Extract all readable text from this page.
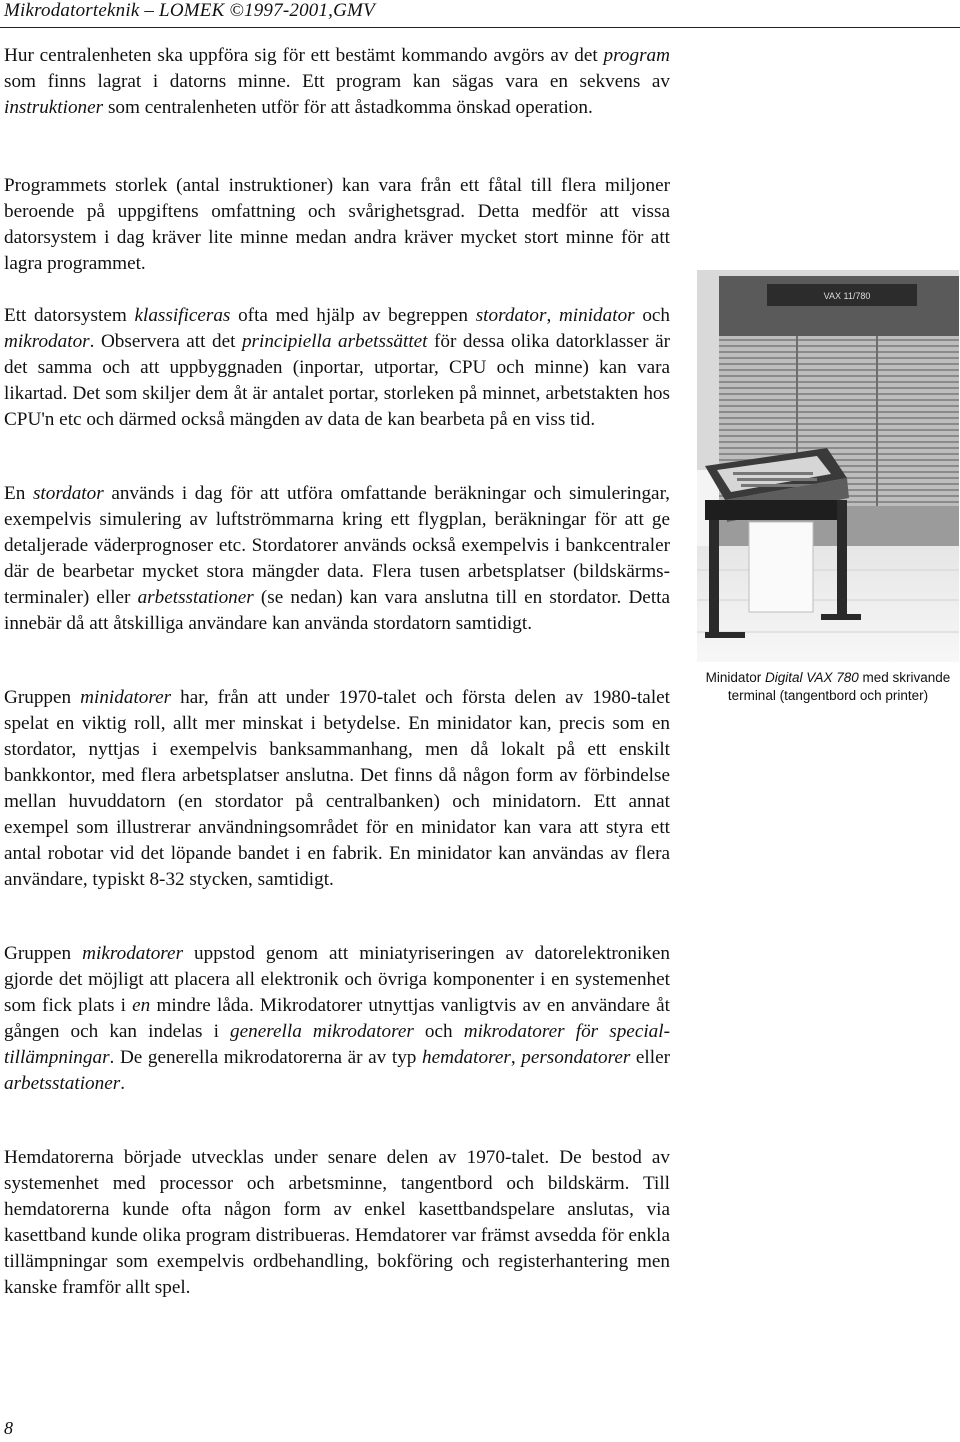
Mikrodatorteknik – LOMEK ©1997-2001,GMV

Hur centralenheten ska uppföra sig för ett bestämt kommando avgörs av det program som finns lagrat i datorns minne. Ett program kan sägas vara en sekvens av instruktioner som centralenheten utför för att åstadkomma önskad operation.

Programmets storlek (antal instruktioner) kan vara från ett fåtal till flera miljoner beroende på uppgiftens omfattning och svårighetsgrad. Detta medför att vissa datorsystem i dag kräver lite minne medan andra kräver mycket stort minne för att lagra programmet.

Ett datorsystem klassificeras ofta med hjälp av begreppen stordator, minidator och mikrodator. Observera att det principiella arbetssättet för dessa olika datorklasser är det samma och att uppbyggnaden (inportar, utportar, CPU och minne) kan vara likartad. Det som skiljer dem åt är antalet portar, storleken på minnet, arbetstakten hos CPU'n etc och därmed också mängden av data de kan bearbeta på en viss tid.

En stordator används i dag för att utföra omfattande beräkningar och simuleringar, exempelvis simulering av luftströmmarna kring ett flygplan, beräkningar för att ge detaljerade väderprognoser etc. Stordatorer används också exempelvis i bankcentraler där de bearbetar mycket stora mängder data. Flera tusen arbetsplatser (bildskärms-terminaler) eller arbetsstationer (se nedan) kan vara anslutna till en stordator. Detta innebär då att åtskilliga användare kan använda stordatorn samtidigt.

Gruppen minidatorer har, från att under 1970-talet och första delen av 1980-talet spelat en viktig roll, allt mer minskat i betydelse. En minidator kan, precis som en stordator, nyttjas i exempelvis banksammanhang, men då lokalt på ett enskilt bankkontor, med flera arbetsplatser anslutna. Det finns då någon form av förbindelse mellan huvuddatorn (en stordator på centralbanken) och minidatorn. Ett annat exempel som illustrerar användningsområdet för en minidator kan vara att styra ett antal robotar vid det löpande bandet i en fabrik. En minidator kan användas av flera användare, typiskt 8-32 stycken, samtidigt.

Gruppen mikrodatorer uppstod genom att miniatyriseringen av datorelektroniken gjorde det möjligt att placera all elektronik och övriga komponenter i en systemenhet som fick plats i en mindre låda. Mikrodatorer utnyttjas vanligtvis av en användare åt gången och kan indelas i generella mikrodatorer och mikrodatorer för special-tillämpningar. De generella mikrodatorerna är av typ hemdatorer, persondatorer eller arbetsstationer.

Hemdatorerna började utvecklas under senare delen av 1970-talet. De bestod av systemenhet med processor och arbetsminne, tangentbord och bildskärm. Till hemdatorerna kunde ofta någon form av enkel kasettbandspelare anslutas, via kasettband kunde olika program distribueras. Hemdatorer var främst avsedda för enkla tillämpningar som exempelvis ordbehandling, bokföring och registerhantering men kanske framför allt spel.

VAX 11/780
Minidator Digital VAX 780 med skrivande terminal (tangentbord och printer)
8
